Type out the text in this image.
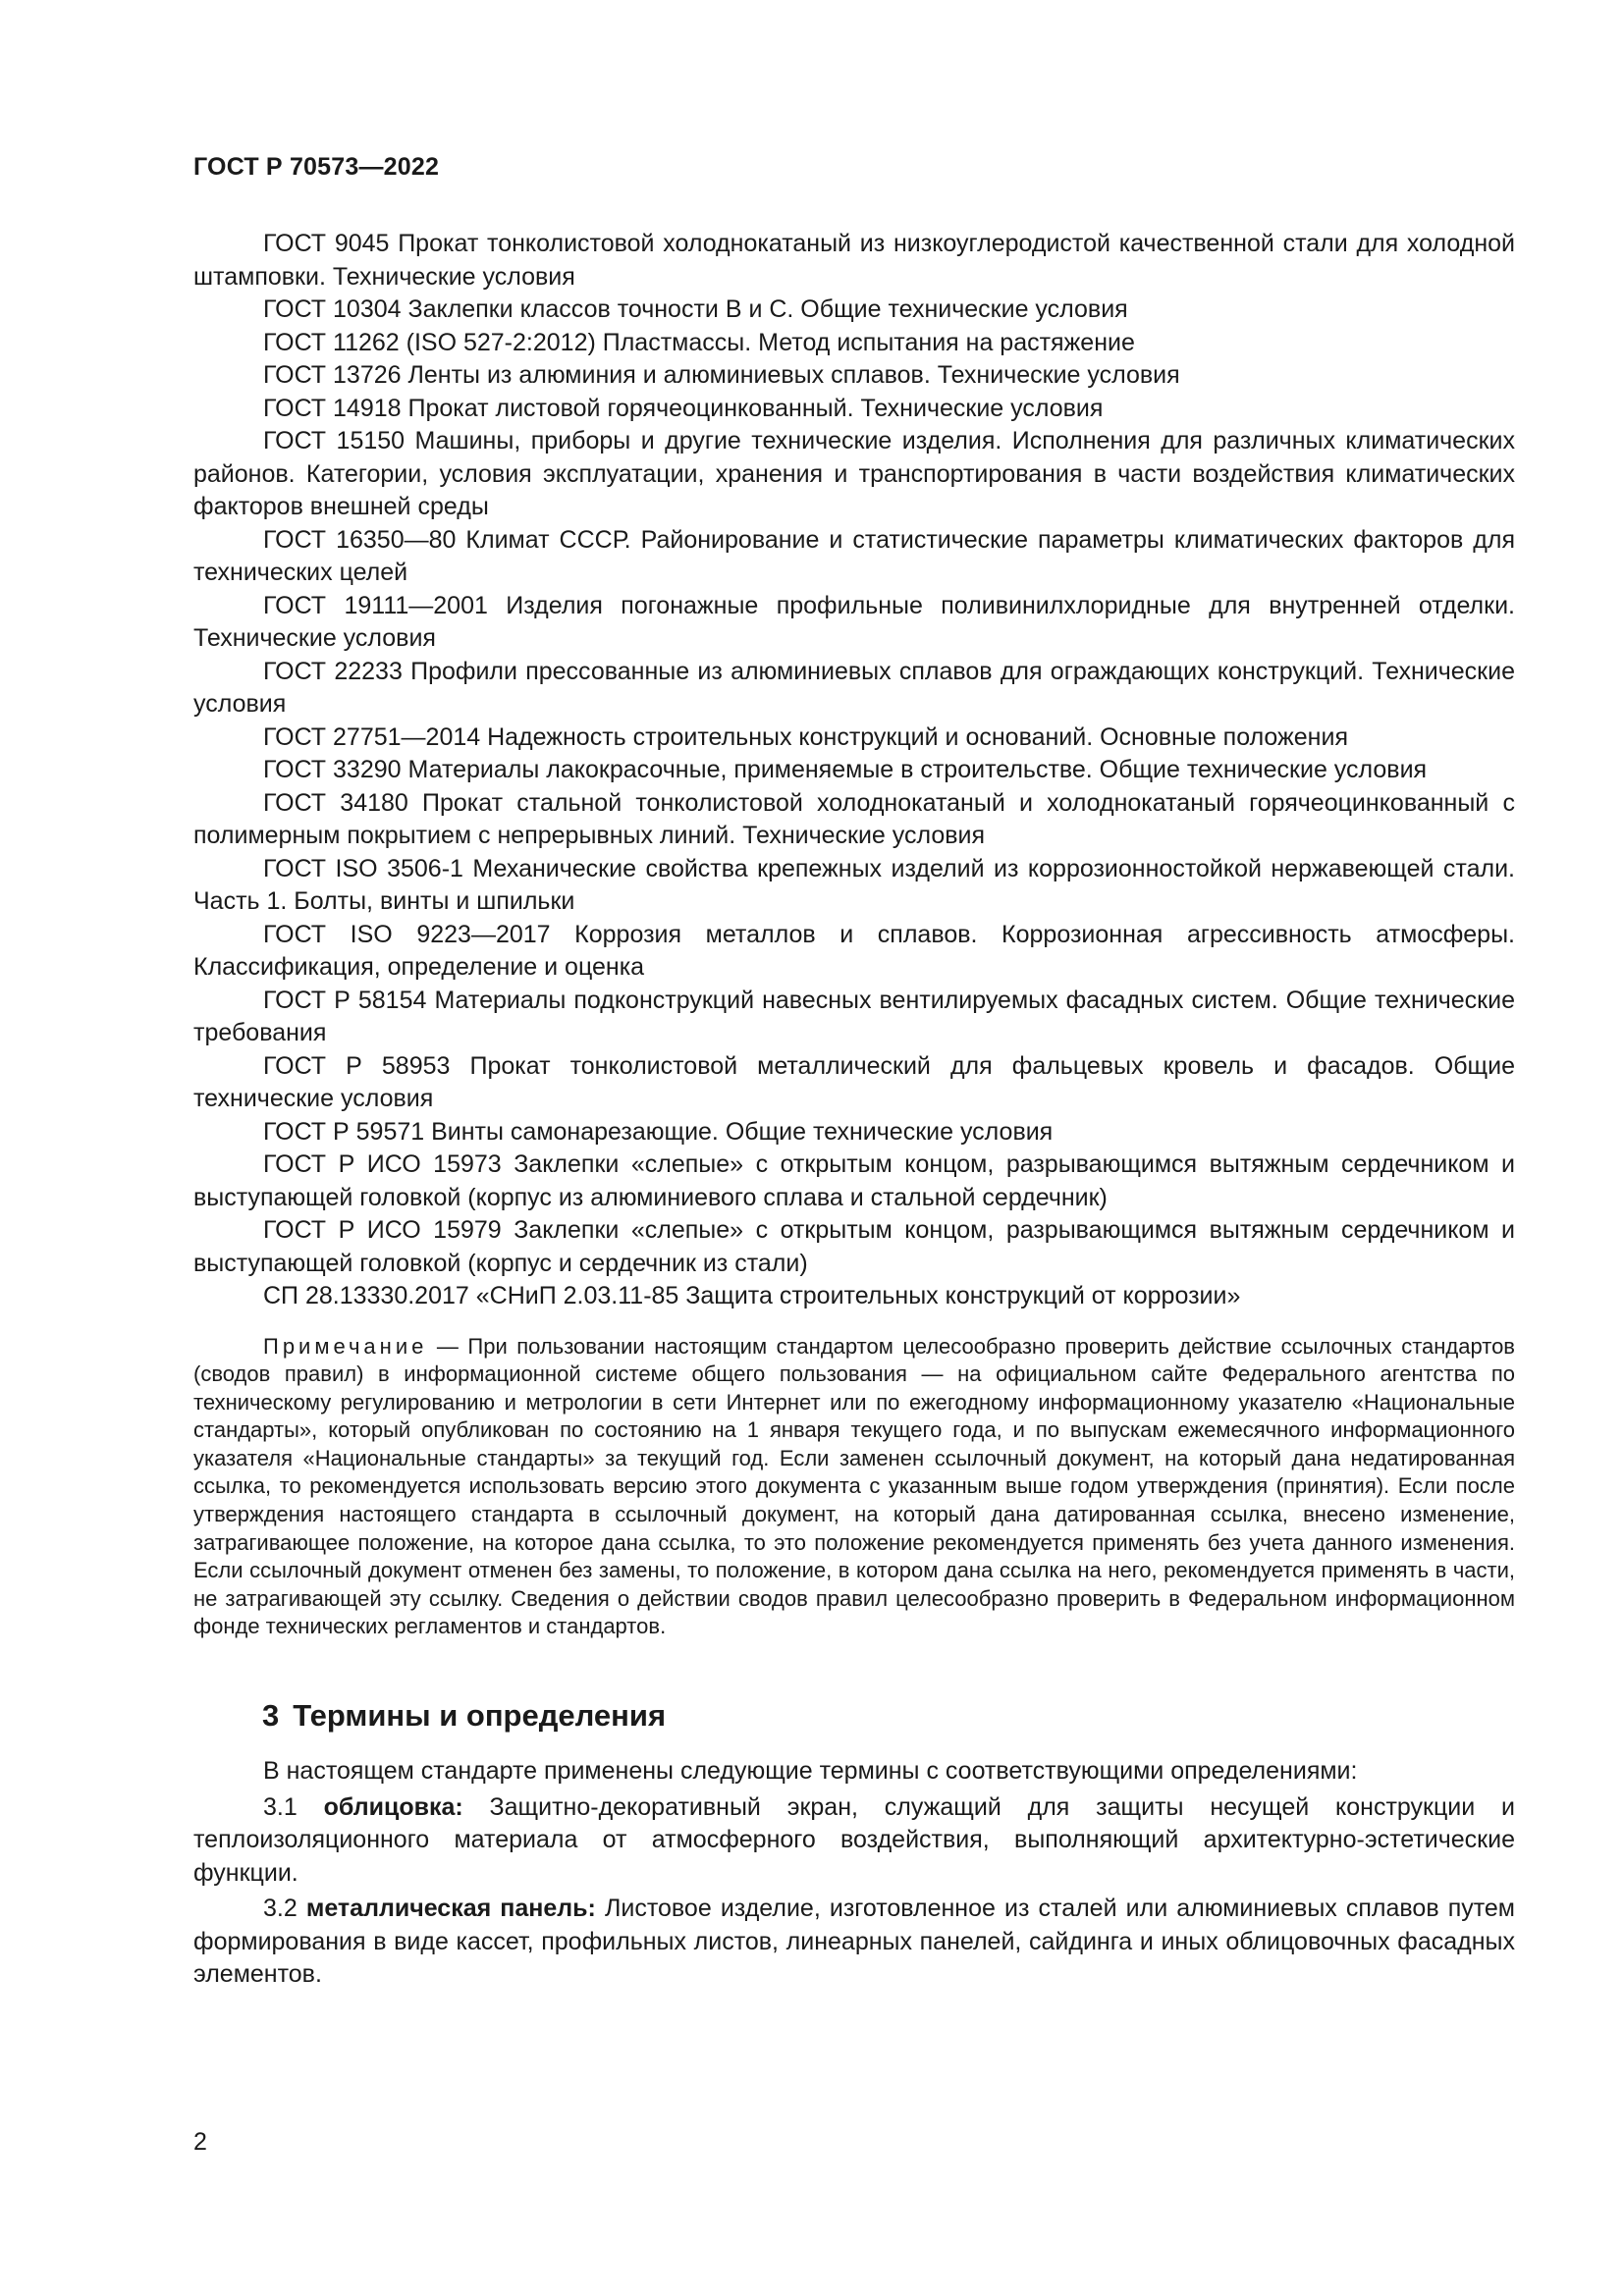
ГОСТ Р 70573—2022

ГОСТ 9045 Прокат тонколистовой холоднокатаный из низкоуглеродистой качественной стали для холодной штамповки. Технические условия

ГОСТ 10304 Заклепки классов точности В и С. Общие технические условия

ГОСТ 11262 (ISO 527-2:2012) Пластмассы. Метод испытания на растяжение

ГОСТ 13726 Ленты из алюминия и алюминиевых сплавов. Технические условия

ГОСТ 14918 Прокат листовой горячеоцинкованный. Технические условия

ГОСТ 15150 Машины, приборы и другие технические изделия. Исполнения для различных климатических районов. Категории, условия эксплуатации, хранения и транспортирования в части воздействия климатических факторов внешней среды

ГОСТ 16350—80 Климат СССР. Районирование и статистические параметры климатических факторов для технических целей

ГОСТ 19111—2001 Изделия погонажные профильные поливинилхлоридные для внутренней отделки. Технические условия

ГОСТ 22233 Профили прессованные из алюминиевых сплавов для ограждающих конструкций. Технические условия

ГОСТ 27751—2014 Надежность строительных конструкций и оснований. Основные положения

ГОСТ 33290 Материалы лакокрасочные, применяемые в строительстве. Общие технические условия

ГОСТ 34180 Прокат стальной тонколистовой холоднокатаный и холоднокатаный горячеоцинкованный с полимерным покрытием с непрерывных линий. Технические условия

ГОСТ ISO 3506-1 Механические свойства крепежных изделий из коррозионностойкой нержавеющей стали. Часть 1. Болты, винты и шпильки

ГОСТ ISO 9223—2017 Коррозия металлов и сплавов. Коррозионная агрессивность атмосферы. Классификация, определение и оценка

ГОСТ Р 58154 Материалы подконструкций навесных вентилируемых фасадных систем. Общие технические требования

ГОСТ Р 58953 Прокат тонколистовой металлический для фальцевых кровель и фасадов. Общие технические условия

ГОСТ Р 59571 Винты самонарезающие. Общие технические условия

ГОСТ Р ИСО 15973 Заклепки «слепые» с открытым концом, разрывающимся вытяжным сердечником и выступающей головкой (корпус из алюминиевого сплава и стальной сердечник)

ГОСТ Р ИСО 15979 Заклепки «слепые» с открытым концом, разрывающимся вытяжным сердечником и выступающей головкой (корпус и сердечник из стали)

СП 28.13330.2017 «СНиП 2.03.11-85 Защита строительных конструкций от коррозии»

Примечание — При пользовании настоящим стандартом целесообразно проверить действие ссылочных стандартов (сводов правил) в информационной системе общего пользования — на официальном сайте Федерального агентства по техническому регулированию и метрологии в сети Интернет или по ежегодному информационному указателю «Национальные стандарты», который опубликован по состоянию на 1 января текущего года, и по выпускам ежемесячного информационного указателя «Национальные стандарты» за текущий год. Если заменен ссылочный документ, на который дана недатированная ссылка, то рекомендуется использовать версию этого документа с указанным выше годом утверждения (принятия). Если после утверждения настоящего стандарта в ссылочный документ, на который дана датированная ссылка, внесено изменение, затрагивающее положение, на которое дана ссылка, то это положение рекомендуется применять без учета данного изменения. Если ссылочный документ отменен без замены, то положение, в котором дана ссылка на него, рекомендуется применять в части, не затрагивающей эту ссылку. Сведения о действии сводов правил целесообразно проверить в Федеральном информационном фонде технических регламентов и стандартов.

3 Термины и определения

В настоящем стандарте применены следующие термины с соответствующими определениями:

3.1 облицовка: Защитно-декоративный экран, служащий для защиты несущей конструкции и теплоизоляционного материала от атмосферного воздействия, выполняющий архитектурно-эстетические функции.

3.2 металлическая панель: Листовое изделие, изготовленное из сталей или алюминиевых сплавов путем формирования в виде кассет, профильных листов, линеарных панелей, сайдинга и иных облицовочных фасадных элементов.

2
